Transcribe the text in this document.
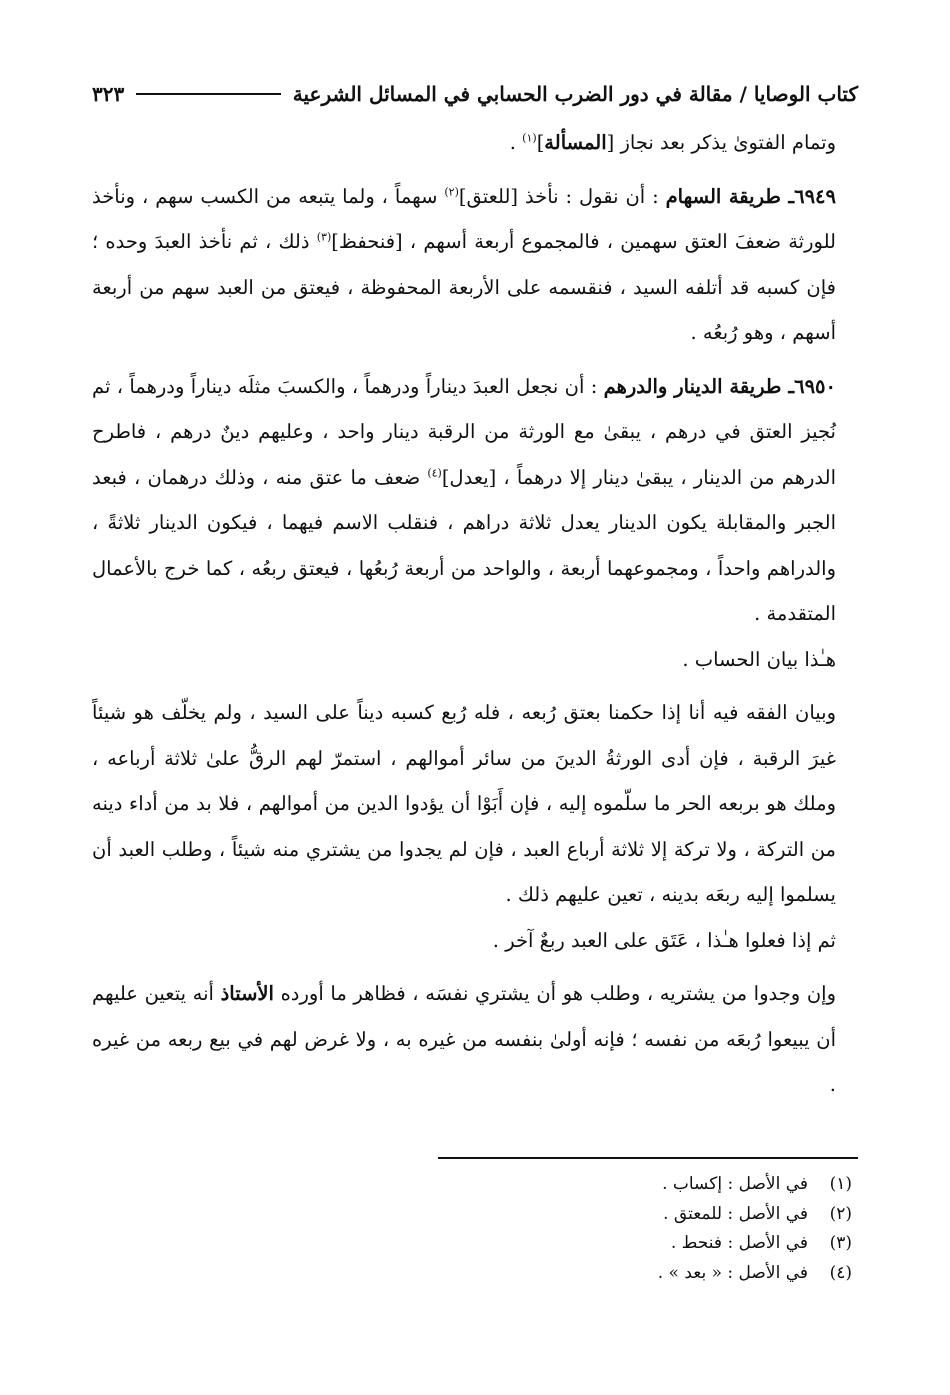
كتاب الوصايا / مقالة في دور الضرب الحسابي في المسائل الشرعية
٣٢٣

وتمام الفتوىٰ يذكر بعد نجاز [المسألة]$^{(١)}$ .

٦٩٤٩ـ طريقة السهام : أن نقول : نأخذ [للعتق]$^{(٢)}$ سهماً ، ولما يتبعه من الكسب سهم ، ونأخذ للورثة ضعفَ العتق سهمين ، فالمجموع أربعة أسهم ، [فنحفظ]$^{(٣)}$ ذلك ، ثم نأخذ العبدَ وحده ؛ فإن كسبه قد أتلفه السيد ، فنقسمه على الأربعة المحفوظة ، فيعتق من العبد سهم من أربعة أسهم ، وهو رُبعُه .

٦٩٥٠ـ طريقة الدينار والدرهم : أن نجعل العبدَ ديناراً ودرهماً ، والكسبَ مثلَه ديناراً ودرهماً ، ثم نُجيز العتق في درهم ، يبقىٰ مع الورثة من الرقبة دينار واحد ، وعليهم دينٌ درهم ، فاطرح الدرهم من الدينار ، يبقىٰ دينار إلا درهماً ، [يعدل]$^{(٤)}$ ضعف ما عتق منه ، وذلك درهمان ، فبعد الجبر والمقابلة يكون الدينار يعدل ثلاثة دراهم ، فنقلب الاسم فيهما ، فيكون الدينار ثلاثةً ، والدراهم واحداً ، ومجموعهما أربعة ، والواحد من أربعة رُبعُها ، فيعتق ربعُه ، كما خرج بالأعمال المتقدمة .

هـٰذا بيان الحساب .

وبيان الفقه فيه أنا إذا حكمنا بعتق رُبعه ، فله رُبع كسبه ديناً على السيد ، ولم يخلّف هو شيئاً غيرَ الرقبة ، فإن أدى الورثةُ الدينَ من سائر أموالهم ، استمرّ لهم الرقُّ علىٰ ثلاثة أرباعه ، وملك هو بربعه الحر ما سلّموه إليه ، فإن أَبَوْا أن يؤدوا الدين من أموالهم ، فلا بد من أداء دينه من التركة ، ولا تركة إلا ثلاثة أرباع العبد ، فإن لم يجدوا من يشتري منه شيئاً ، وطلب العبد أن يسلموا إليه ربعَه بدينه ، تعين عليهم ذلك .

ثم إذا فعلوا هـٰذا ، عَتَق على العبد ربعٌ آخر .

وإن وجدوا من يشتريه ، وطلب هو أن يشتري نفسَه ، فظاهر ما أورده الأستاذ أنه يتعين عليهم أن يبيعوا رُبعَه من نفسه ؛ فإنه أولىٰ بنفسه من غيره به ، ولا غرض لهم في بيع ربعه من غيره .

(١)
في الأصل : إكساب .
(٢)
في الأصل : للمعتق .
(٣)
في الأصل : فنحط .
(٤)
في الأصل : « بعد » .
